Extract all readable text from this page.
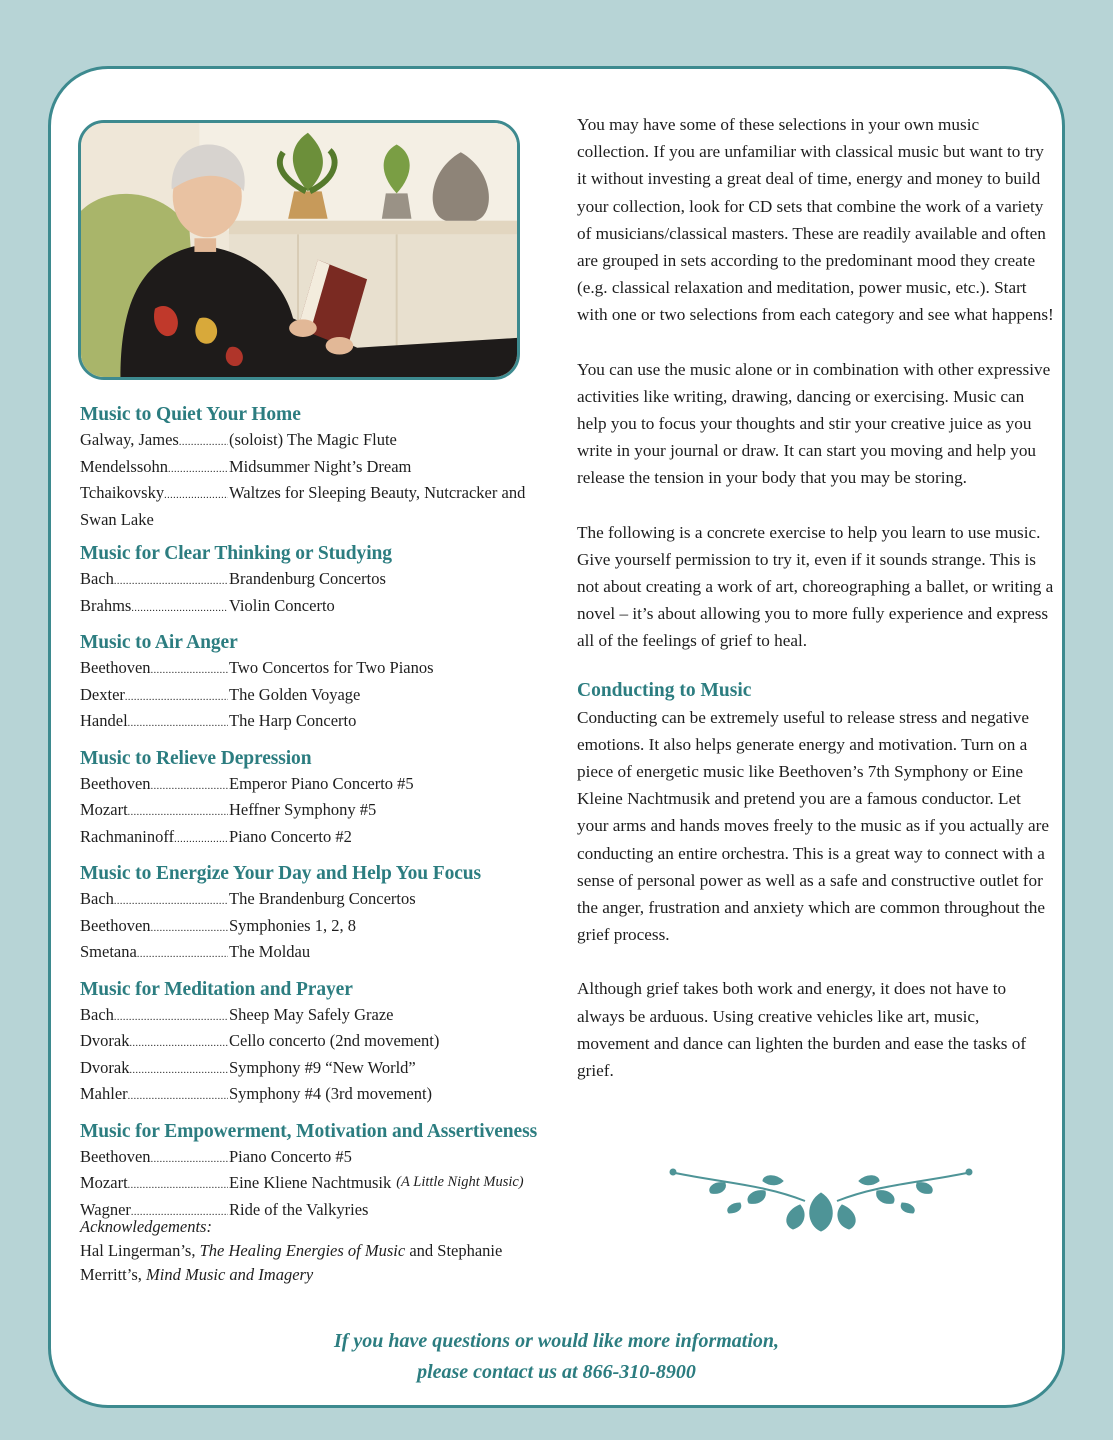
Music to Quiet Your Home
Galway, James .....	(soloist) The Magic Flute
Mendelssohn .....	Midsummer Night’s Dream
Tchaikovsky .....	Waltzes for Sleeping Beauty, Nutcracker and
Swan Lake
Music for Clear Thinking or Studying
Bach .....	Brandenburg Concertos
Brahms .....	Violin Concerto
Music to Air Anger
Beethoven .....	Two Concertos for Two Pianos
Dexter .....	The Golden Voyage
Handel .....	The Harp Concerto
Music to Relieve Depression
Beethoven .....	Emperor Piano Concerto #5
Mozart .....	Heffner Symphony #5
Rachmaninoff .....	Piano Concerto #2
Music to Energize Your Day and Help You Focus
Bach .....	The Brandenburg Concertos
Beethoven .....	Symphonies 1, 2, 8
Smetana .....	The Moldau
Music for Meditation and Prayer
Bach .....	Sheep May Safely Graze
Dvorak .....	Cello concerto (2nd movement)
Dvorak .....	Symphony #9 “New World”
Mahler .....	Symphony #4 (3rd movement)
Music for Empowerment, Motivation and Assertiveness
Beethoven .....	Piano Concerto #5
Mozart .....	Eine Kliene Nachtmusik (A Little Night Music)
Wagner .....	Ride of the Valkyries
Acknowledgements:
Hal Lingerman’s, The Healing Energies of Music and Stephanie Merritt’s, Mind Music and Imagery

You may have some of these selections in your own music collection. If you are unfamiliar with classical music but want to try it without investing a great deal of time, energy and money to build your collection, look for CD sets that combine the work of a variety of musicians/classical masters. These are readily available and often are grouped in sets according to the predominant mood they create (e.g. classical relaxation and meditation, power music, etc.). Start with one or two selections from each category and see what happens!

You can use the music alone or in combination with other expressive activities like writing, drawing, dancing or exercising. Music can help you to focus your thoughts and stir your creative juice as you write in your journal or draw. It can start you moving and help you release the tension in your body that you may be storing.

The following is a concrete exercise to help you learn to use music. Give yourself permission to try it, even if it sounds strange. This is not about creating a work of art, choreographing a ballet, or writing a novel – it’s about allowing you to more fully experience and express all of the feelings of grief to heal.

Conducting to Music

Conducting can be extremely useful to release stress and negative emotions. It also helps generate energy and motivation. Turn on a piece of energetic music like Beethoven’s 7th Symphony or Eine Kleine Nachtmusik and pretend you are a famous conductor. Let your arms and hands moves freely to the music as if you actually are conducting an entire orchestra. This is a great way to connect with a sense of personal power as well as a safe and constructive outlet for the anger, frustration and anxiety which are common throughout the grief process.

Although grief takes both work and energy, it does not have to always be arduous. Using creative vehicles like art, music, movement and dance can lighten the burden and ease the tasks of grief.

If you have questions or would like more information,
please contact us at 866-310-8900
